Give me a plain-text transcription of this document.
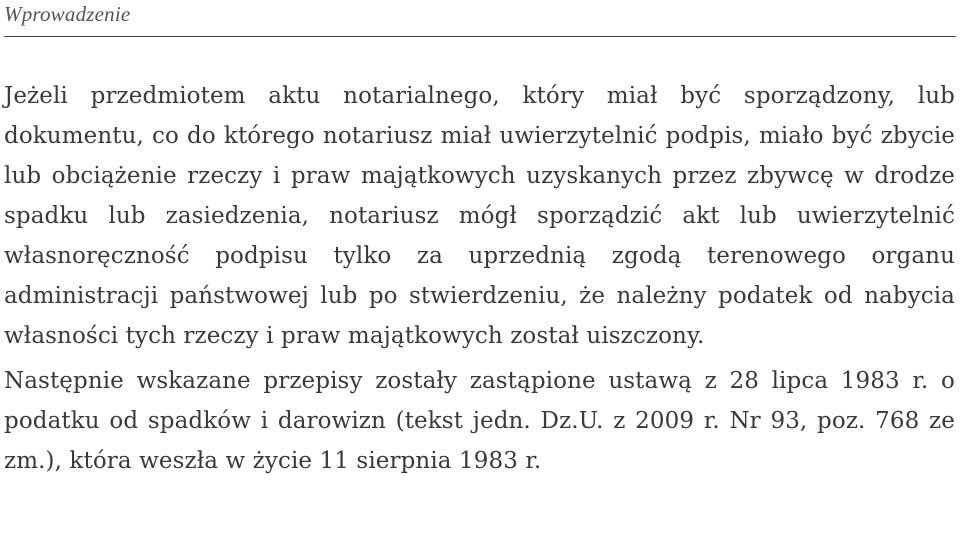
Wprowadzenie

Jeżeli przedmiotem aktu notarialnego, który miał być sporządzony, lub dokumentu, co do którego notariusz miał uwierzytelnić podpis, miało być zbycie lub obciążenie rzeczy i praw majątkowych uzyskanych przez zbywcę w drodze spadku lub zasiedzenia, notariusz mógł sporządzić akt lub uwierzytelnić własnoręczność podpisu tylko za uprzednią zgodą terenowego organu administracji państwowej lub po stwierdzeniu, że należny podatek od nabycia własności tych rzeczy i praw majątkowych został uiszczony.

Następnie wskazane przepisy zostały zastąpione ustawą z 28 lipca 1983 r. o podatku od spadków i darowizn (tekst jedn. Dz.U. z 2009 r. Nr 93, poz. 768 ze zm.), która weszła w życie 11 sierpnia 1983 r.
